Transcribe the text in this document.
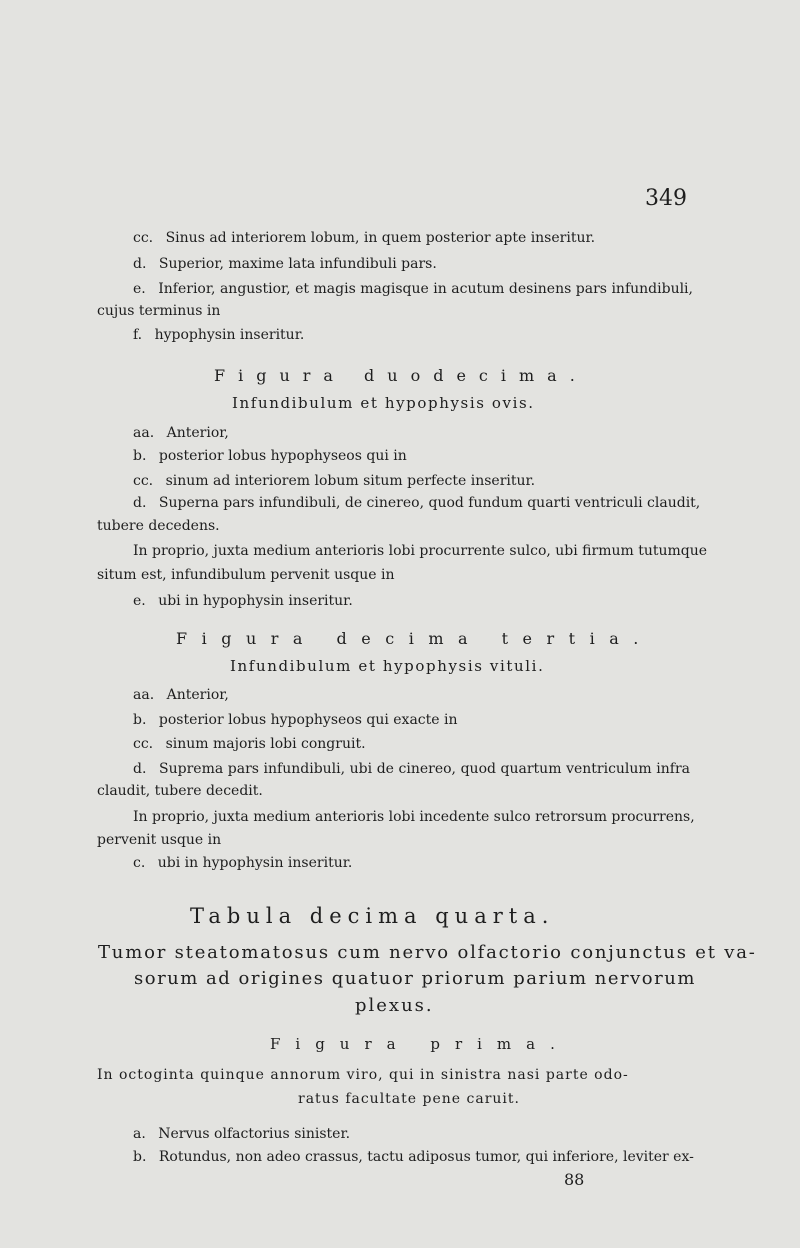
349
cc. Sinus ad interiorem lobum, in quem posterior apte inseritur.
d. Superior, maxime lata infundibuli pars.
e. Inferior, angustior, et magis magisque in acutum desinens pars infundibuli,
cujus terminus in
f. hypophysin inseritur.
Figura duodecima.
Infundibulum et hypophysis ovis.
aa. Anterior,
b. posterior lobus hypophyseos qui in
cc. sinum ad interiorem lobum situm perfecte inseritur.
d. Superna pars infundibuli, de cinereo, quod fundum quarti ventriculi claudit,
tubere decedens.
In proprio, juxta medium anterioris lobi procurrente sulco, ubi firmum tutumque
situm est, infundibulum pervenit usque in
e. ubi in hypophysin inseritur.
Figura decima tertia.
Infundibulum et hypophysis vituli.
aa. Anterior,
b. posterior lobus hypophyseos qui exacte in
cc. sinum majoris lobi congruit.
d. Suprema pars infundibuli, ubi de cinereo, quod quartum ventriculum infra
claudit, tubere decedit.
In proprio, juxta medium anterioris lobi incedente sulco retrorsum procurrens,
pervenit usque in
c. ubi in hypophysin inseritur.
Tabula decima quarta.
Tumor steatomatosus cum nervo olfactorio conjunctus et va-
sorum ad origines quatuor priorum parium nervorum
plexus.
Figura prima.
In octoginta quinque annorum viro, qui in sinistra nasi parte odo-
ratus facultate pene caruit.
a. Nervus olfactorius sinister.
b. Rotundus, non adeo crassus, tactu adiposus tumor, qui inferiore, leviter ex-
88
